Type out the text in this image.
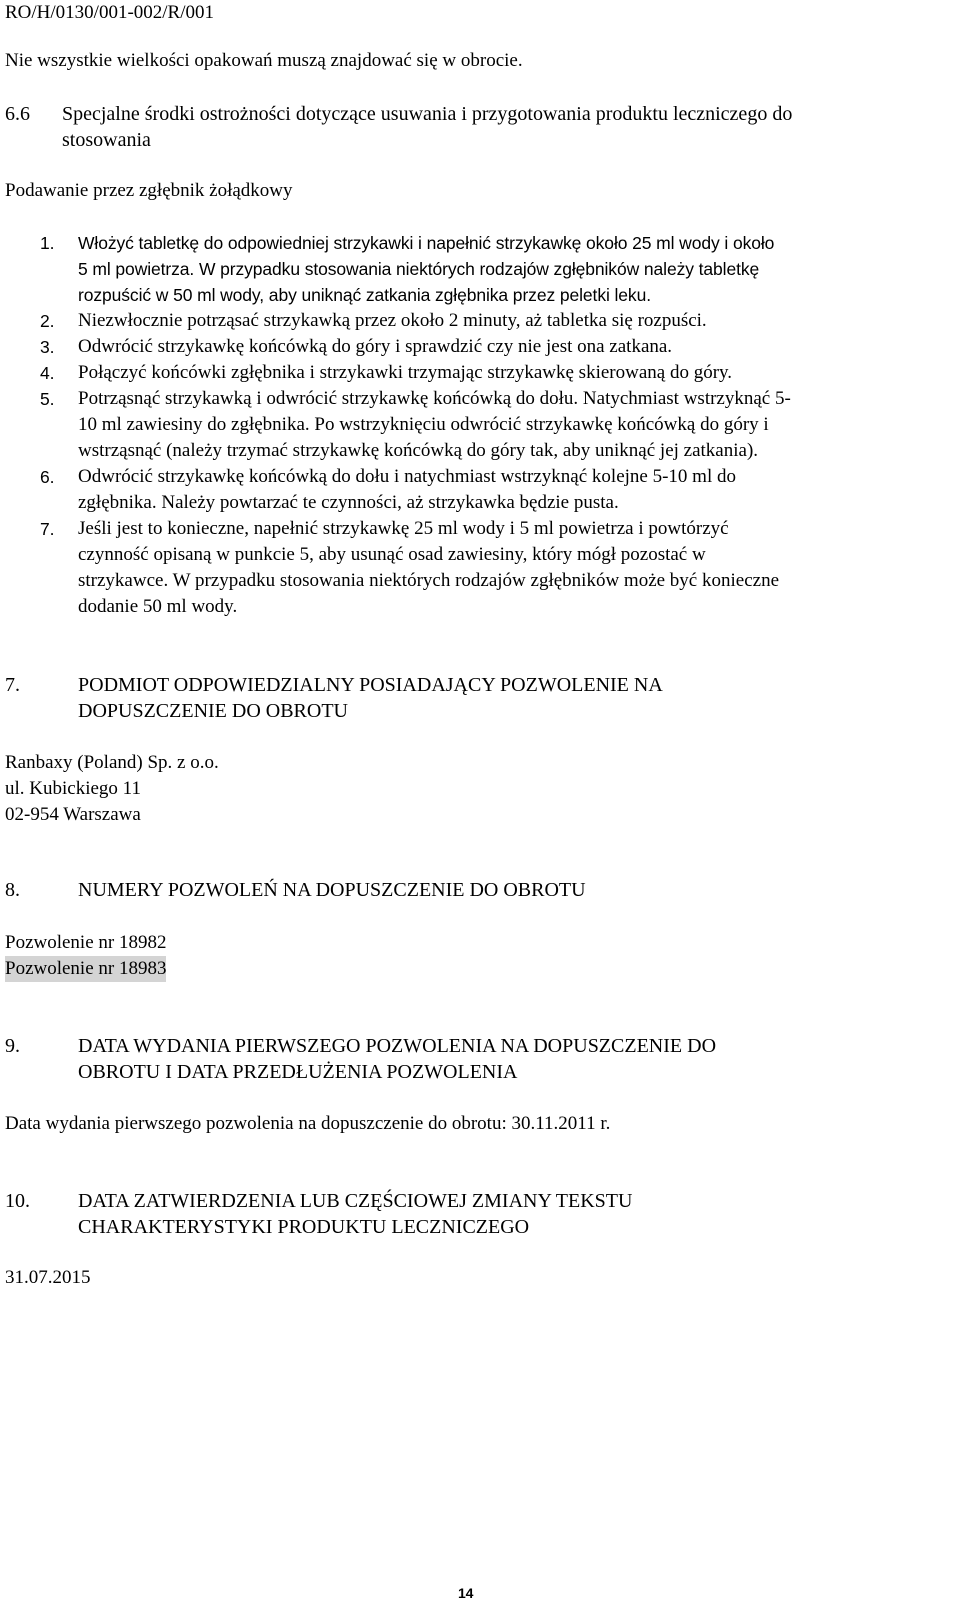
RO/H/0130/001-002/R/001
Nie wszystkie wielkości opakowań muszą znajdować się w obrocie.
6.6 Specjalne środki ostrożności dotyczące usuwania i przygotowania produktu leczniczego do
stosowania
Podawanie przez zgłębnik żołądkowy
1. Włożyć tabletkę do odpowiedniej strzykawki i napełnić strzykawkę około 25 ml wody i około
5 ml powietrza. W przypadku stosowania niektórych rodzajów zgłębników należy tabletkę
rozpuścić w 50 ml wody, aby uniknąć zatkania zgłębnika przez peletki leku.
2. Niezwłocznie potrząsać strzykawką przez około 2 minuty, aż tabletka się rozpuści.
3. Odwrócić strzykawkę końcówką do góry i sprawdzić czy nie jest ona zatkana.
4. Połączyć końcówki zgłębnika i strzykawki trzymając strzykawkę skierowaną do góry.
5. Potrząsnąć strzykawką i odwrócić strzykawkę końcówką do dołu. Natychmiast wstrzyknąć 5-
10 ml zawiesiny do zgłębnika. Po wstrzyknięciu odwrócić strzykawkę końcówką do góry i
wstrząsnąć (należy trzymać strzykawkę końcówką do góry tak, aby uniknąć jej zatkania).
6. Odwrócić strzykawkę końcówką do dołu i natychmiast wstrzyknąć kolejne 5-10 ml do
zgłębnika. Należy powtarzać te czynności, aż strzykawka będzie pusta.
7. Jeśli jest to konieczne, napełnić strzykawkę 25 ml wody i 5 ml powietrza i powtórzyć
czynność opisaną w punkcie 5, aby usunąć osad zawiesiny, który mógł pozostać w
strzykawce. W przypadku stosowania niektórych rodzajów zgłębników może być konieczne
dodanie 50 ml wody.
7.	PODMIOT ODPOWIEDZIALNY POSIADAJĄCY POZWOLENIE NA
DOPUSZCZENIE DO OBROTU
Ranbaxy (Poland) Sp. z o.o.
ul. Kubickiego 11
02-954 Warszawa
8.	NUMERY POZWOLEŃ NA DOPUSZCZENIE DO OBROTU
Pozwolenie nr 18982
Pozwolenie nr 18983
9.	DATA WYDANIA PIERWSZEGO POZWOLENIA NA DOPUSZCZENIE DO
OBROTU I DATA PRZEDŁUŻENIA POZWOLENIA
Data wydania pierwszego pozwolenia na dopuszczenie do obrotu: 30.11.2011 r.
10. DATA ZATWIERDZENIA LUB CZĘŚCIOWEJ ZMIANY TEKSTU
CHARAKTERYSTYKI PRODUKTU LECZNICZEGO
31.07.2015
14
